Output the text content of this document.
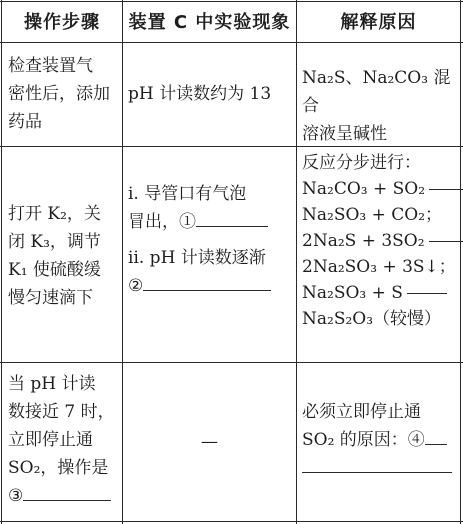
操作步骤	装置 C 中实验现象	解释原因
检查装置气
密性后，添加
药品
pH 计读数约为 13
Na₂S、Na₂CO₃ 混合
溶液呈碱性
打开 K₂，关
闭 K₃，调节
K₁ 使硫酸缓
慢匀速滴下
ⅰ. 导管口有气泡
冒出，①
ⅱ. pH 计读数逐渐
②
反应分步进行：
Na₂CO₃ + SO₂
Na₂SO₃ + CO₂；
2Na₂S + 3SO₂
2Na₂SO₃ + 3S↓；
Na₂SO₃ + S
Na₂S₂O₃（较慢）
当 pH 计读
数接近 7 时，
立即停止通
SO₂，操作是
③
—
必须立即停止通
SO₂ 的原因：④
